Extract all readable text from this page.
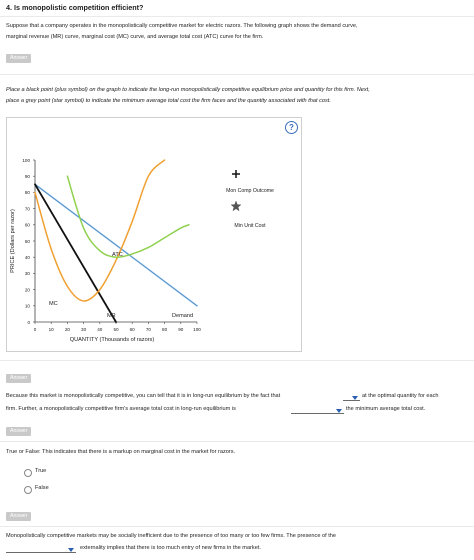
4. Is monopolistic competition efficient?
Suppose that a company operates in the monopolistically competitive market for electric razors. The following graph shows the demand curve,
marginal revenue (MR) curve, marginal cost (MC) curve, and average total cost (ATC) curve for the firm.
Answer
Place a black point (plus symbol) on the graph to indicate the long-run monopolistically competitive equilibrium price and quantity for this firm. Next,
place a grey point (star symbol) to indicate the minimum average total cost the firm faces and the quantity associated with that cost.
?
100
90
80
70
60
50
40
30
20
10
0
0	10 20 30 40 50 60 70 80 90 100
PRICE (Dollars per razor)
QUANTITY (Thousands of razors)
MC
ATC
MR	Demand
Mon Comp Outcome
Min Unit Cost
Answer
Because this market is monopolistically competitive, you can tell that it is in long-run equilibrium by the fact that	at the optimal quantity for each
firm. Further, a monopolistically competitive firm's average total cost in long-run equilibrium is	the minimum average total cost.
Answer
True or False: This indicates that there is a markup on marginal cost in the market for razors.
True
False
Answer
Monopolistically competitive markets may be socially inefficient due to the presence of too many or too few firms. The presence of the
externality implies that there is too much entry of new firms in the market.
